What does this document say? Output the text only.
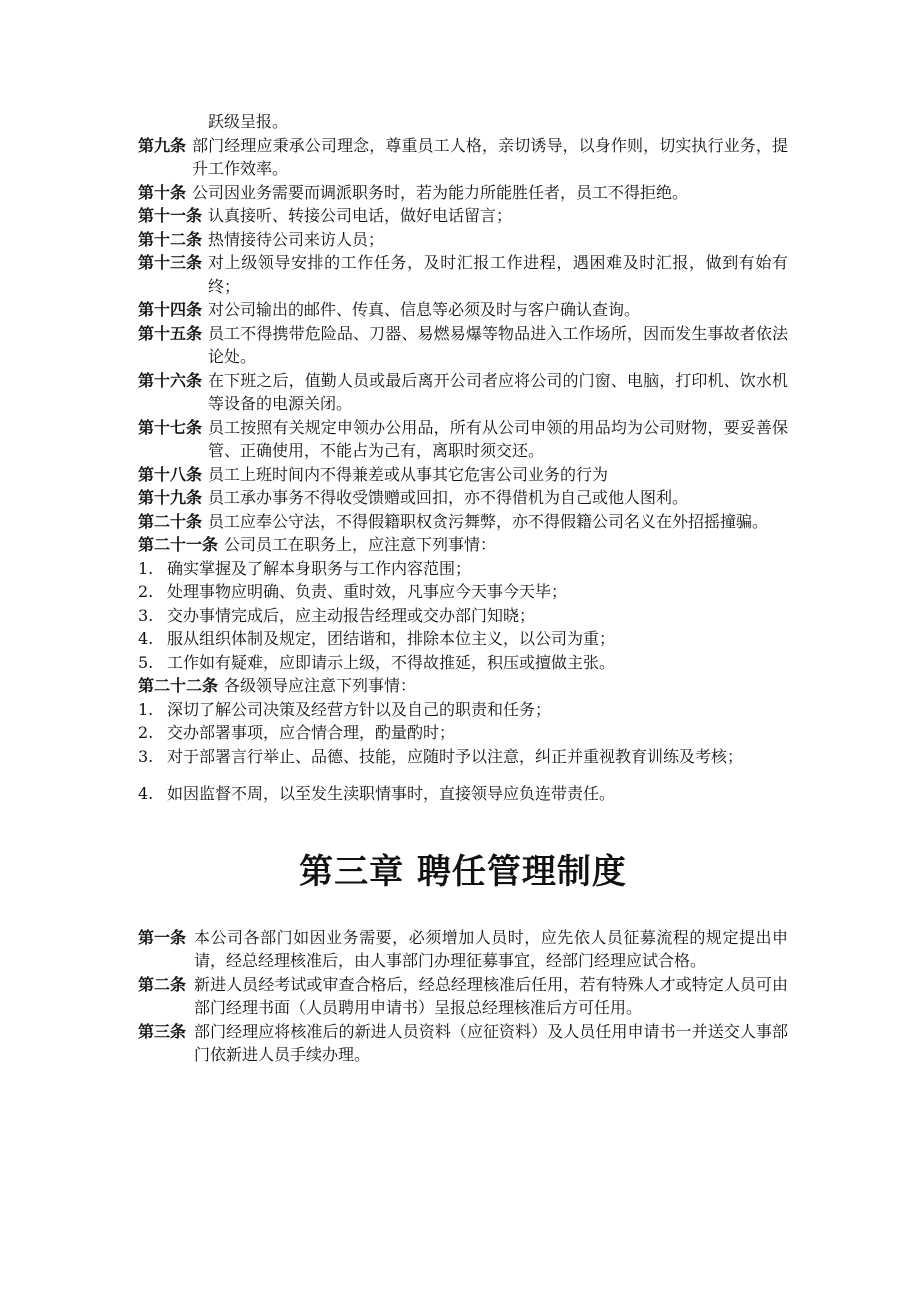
跃级呈报。
第九条 部门经理应秉承公司理念，尊重员工人格，亲切诱导，以身作则，切实执行业务，提升工作效率。
第十条 公司因业务需要而调派职务时，若为能力所能胜任者，员工不得拒绝。
第十一条 认真接听、转接公司电话，做好电话留言；
第十二条 热情接待公司来访人员；
第十三条 对上级领导安排的工作任务，及时汇报工作进程，遇困难及时汇报，做到有始有终；
第十四条 对公司输出的邮件、传真、信息等必须及时与客户确认查询。
第十五条 员工不得携带危险品、刀器、易燃易爆等物品进入工作场所，因而发生事故者依法论处。
第十六条 在下班之后，值勤人员或最后离开公司者应将公司的门窗、电脑，打印机、饮水机等设备的电源关闭。
第十七条 员工按照有关规定申领办公用品，所有从公司申领的用品均为公司财物，要妥善保管、正确使用，不能占为己有，离职时须交还。
第十八条 员工上班时间内不得兼差或从事其它危害公司业务的行为
第十九条 员工承办事务不得收受馈赠或回扣，亦不得借机为自己或他人图利。
第二十条 员工应奉公守法，不得假籍职权贪污舞弊，亦不得假籍公司名义在外招摇撞骗。
第二十一条 公司员工在职务上，应注意下列事情：
1. 确实掌握及了解本身职务与工作内容范围；
2. 处理事物应明确、负责、重时效，凡事应今天事今天毕；
3. 交办事情完成后，应主动报告经理或交办部门知晓；
4. 服从组织体制及规定，团结谐和，排除本位主义，以公司为重；
5. 工作如有疑难，应即请示上级，不得故推延，积压或擅做主张。
第二十二条 各级领导应注意下列事情：
1. 深切了解公司决策及经营方针以及自己的职责和任务；
2. 交办部署事项，应合情合理，酌量酌时；
3. 对于部署言行举止、品德、技能，应随时予以注意，纠正并重视教育训练及考核；
4. 如因监督不周，以至发生渎职情事时，直接领导应负连带责任。
第三章 聘任管理制度
第一条 本公司各部门如因业务需要，必须增加人员时，应先依人员征募流程的规定提出申请，经总经理核准后，由人事部门办理征募事宜，经部门经理应试合格。
第二条 新进人员经考试或审查合格后，经总经理核准后任用，若有特殊人才或特定人员可由部门经理书面（人员聘用申请书）呈报总经理核准后方可任用。
第三条 部门经理应将核准后的新进人员资料（应征资料）及人员任用申请书一并送交人事部门依新进人员手续办理。
